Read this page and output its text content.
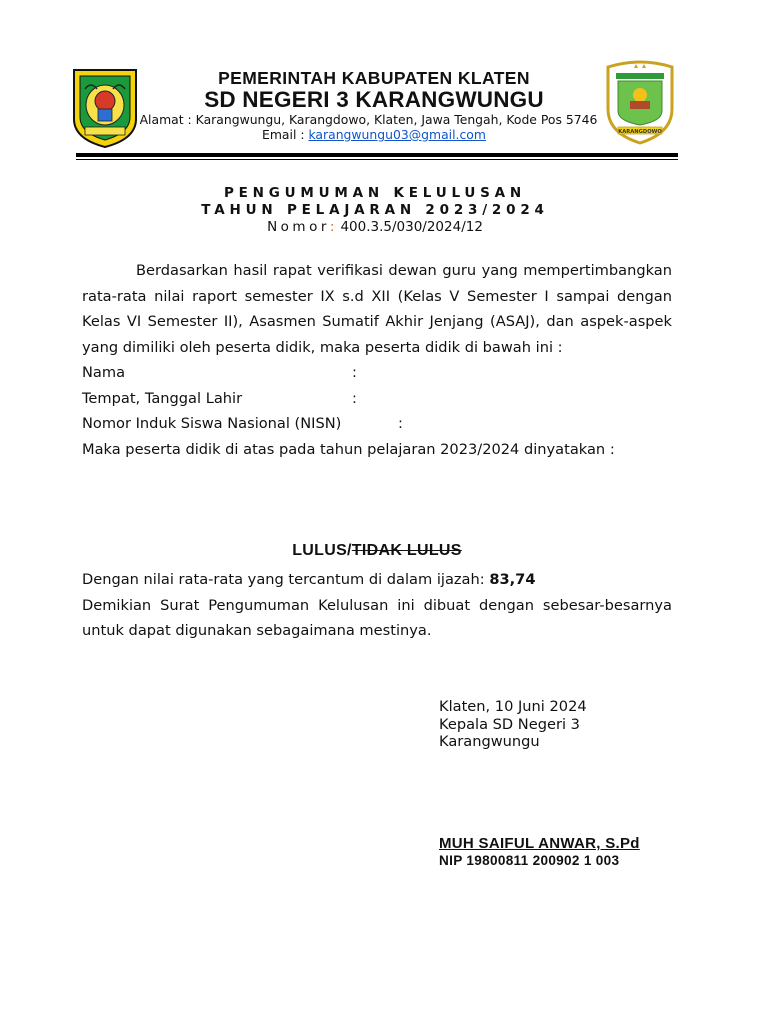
PEMERINTAH KABUPATEN KLATEN
SD NEGERI 3 KARANGWUNGU
Alamat : Karangwungu, Karangdowo, Klaten, Jawa Tengah, Kode Pos 5746
Email : karangwungu03@gmail.com	KARANGDOWO
PENGUMUMAN KELULUSAN
TAHUN PELAJARAN 2023/2024
Nomor: 400.3.5/030/2024/12

Berdasarkan hasil rapat verifikasi dewan guru yang mempertimbangkan rata-rata nilai raport semester IX s.d XII (Kelas V Semester I sampai dengan Kelas VI Semester II), Asasmen Sumatif Akhir Jenjang (ASAJ), dan aspek-aspek yang dimiliki oleh peserta didik, maka peserta didik di bawah ini :

Nama	:
Tempat, Tanggal Lahir	:
Nomor Induk Siswa Nasional (NISN)	:

Maka peserta didik di atas pada tahun pelajaran 2023/2024 dinyatakan :

LULUS/TIDAK LULUS

Dengan nilai rata-rata yang tercantum di dalam ijazah: 83,74

Demikian Surat Pengumuman Kelulusan ini dibuat dengan sebesar-besarnya untuk dapat digunakan sebagaimana mestinya.

Klaten, 10 Juni 2024
Kepala SD Negeri 3
Karangwungu
MUH SAIFUL ANWAR, S.Pd
NIP 19800811 200902 1 003
